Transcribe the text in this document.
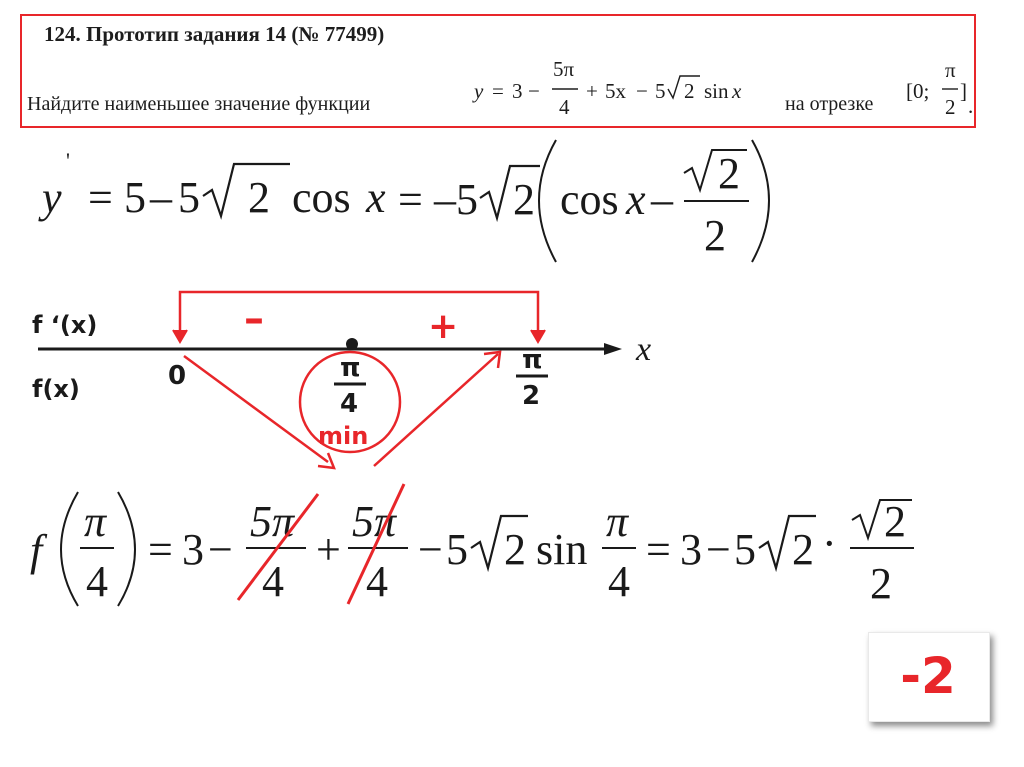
124. Прототип задания 14 (№ 77499)
Найдите наименьшее значение функции	на отрезке
y = 3 −
5π
4
+ 5x − 5 2 sin x	[0;
π
2
]
.
y
'
= 5 – 5 2 cos x = –5 2 cos x –
2
2
x
f ‘(x)
f(x)
–	+
0	π
4
π
2
min
f
π
4
= 3 −
5π
4
+
5π
4
− 5 2 sin
π
4
= 3 − 5 2 · 2
2
-2
